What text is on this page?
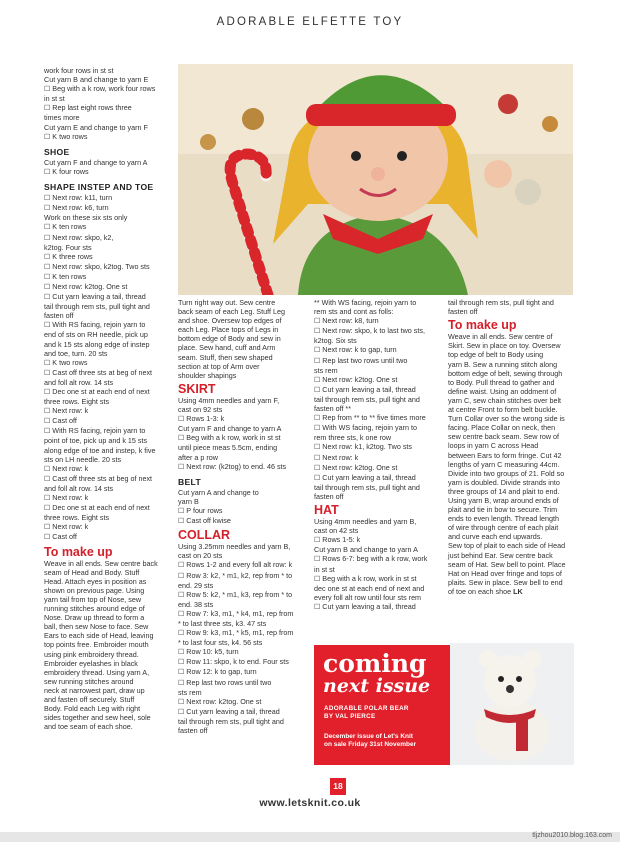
ADORABLE ELFETTE TOY
work four rows in st st
Cut yarn B and change to yarn E
☐ Beg with a k row, work four rows
in st st
☐ Rep last eight rows three
times more
Cut yarn E and change to yarn F
☐ K two rows
SHOE
Cut yarn F and change to yarn A
☐ K four rows
SHAPE INSTEP AND TOE
☐ Next row: k11, turn
☐ Next row: k6, turn
Work on these six sts only
☐ K ten rows
☐ Next row: skpo, k2,
k2tog. Four sts
☐ K three rows
☐ Next row: skpo, k2tog. Two sts
☐ K ten rows
☐ Next row: k2tog. One st
☐ Cut yarn leaving a tail, thread
tail through rem sts, pull tight and
fasten off
☐ With RS facing, rejoin yarn to
end of sts on RH needle, pick up
and k 15 sts along edge of instep
and toe, turn. 20 sts
☐ K two rows
☐ Cast off three sts at beg of next
and foll alt row. 14 sts
☐ Dec one st at each end of next
three rows. Eight sts
☐ Next row: k
☐ Cast off
☐ With RS facing, rejoin yarn to
point of toe, pick up and k 15 sts
along edge of toe and instep, k five
sts on LH needle. 20 sts
☐ Next row: k
☐ Cast off three sts at beg of next
and foll alt row. 14 sts
☐ Next row: k
☐ Dec one st at each end of next
three rows. Eight sts
☐ Next row: k
☐ Cast off
To make up
Weave in all ends. Sew centre back
seam of Head and Body. Stuff
Head. Attach eyes in position as
shown on previous page. Using
yarn tail from top of Nose, sew
running stitches around edge of
Nose. Draw up thread to form a
ball, then sew Nose to face. Sew
Ears to each side of Head, leaving
top points free. Embroider mouth
using pink embroidery thread.
Embroider eyelashes in black
embroidery thread. Using yarn A,
sew running stitches around
neck at narrowest part, draw up
and fasten off securely. Stuff
Body. Fold each Leg with right
sides together and sew heel, sole
and toe seam of each shoe.
Turn right way out. Sew centre
back seam of each Leg. Stuff Leg
and shoe. Oversew top edges of
each Leg. Place tops of Legs in
bottom edge of Body and sew in
place. Sew hand, cuff and Arm
seam. Stuff, then sew shaped
section at top of Arm over
shoulder shapings
SKIRT
Using 4mm needles and yarn F,
cast on 92 sts
☐ Rows 1-3: k
Cut yarn F and change to yarn A
☐ Beg with a k row, work in st st
until piece meas 5.5cm, ending
after a p row
☐ Next row: (k2tog) to end. 46 sts
BELT
Cut yarn A and change to
yarn B
☐ P four rows
☐ Cast off kwise
COLLAR
Using 3.25mm needles and yarn B,
cast on 20 sts
☐ Rows 1-2 and every foll alt row: k
☐ Row 3: k2, * m1, k2, rep from * to
end. 29 sts
☐ Row 5: k2, * m1, k3, rep from * to
end. 38 sts
☐ Row 7: k3, m1, * k4, m1, rep from
* to last three sts, k3. 47 sts
☐ Row 9: k3, m1, * k5, m1, rep from
* to last four sts, k4. 56 sts
☐ Row 10: k5, turn
☐ Row 11: skpo, k to end. Four sts
☐ Row 12: k to gap, turn
☐ Rep last two rows until two
sts rem
☐ Next row: k2tog. One st
☐ Cut yarn leaving a tail, thread
tail through rem sts, pull tight and
fasten off
** With WS facing, rejoin yarn to
rem sts and cont as folls:
☐ Next row: k8, turn
☐ Next row: skpo, k to last two sts,
k2tog. Six sts
☐ Next row: k to gap, turn
☐ Rep last two rows until two
sts rem
☐ Next row: k2tog. One st
☐ Cut yarn leaving a tail, thread
tail through rem sts, pull tight and
fasten off **
☐ Rep from ** to ** five times more
☐ With WS facing, rejoin yarn to
rem three sts, k one row
☐ Next row: k1, k2tog. Two sts
☐ Next row: k
☐ Next row: k2tog. One st
☐ Cut yarn leaving a tail, thread
tail through rem sts, pull tight and
fasten off
HAT
Using 4mm needles and yarn B,
cast on 42 sts
☐ Rows 1-5: k
Cut yarn B and change to yarn A
☐ Rows 6-7: beg with a k row, work
in st st
☐ Beg with a k row, work in st st
dec one st at each end of next and
every foll alt row until four sts rem
☐ Cut yarn leaving a tail, thread
tail through rem sts, pull tight and
fasten off
To make up
Weave in all ends. Sew centre of
Skirt. Sew in place on toy. Oversew
top edge of belt to Body using
yarn B. Sew a running stitch along
bottom edge of belt, sewing through
to Body. Pull thread to gather and
define waist. Using an oddment of
yarn C, sew chain stitches over belt
at centre Front to form belt buckle.
Turn Collar over so the wrong side is
facing. Place Collar on neck, then
sew centre back seam. Sew row of
loops in yarn C across Head
between Ears to form fringe. Cut 42
lengths of yarn C measuring 44cm.
Divide into two groups of 21. Fold so
yarn is doubled. Divide strands into
three groups of 14 and plait to end.
Using yarn B, wrap around ends of
plait and tie in bow to secure. Trim
ends to even length. Thread length
of wire through centre of each plait
and curve each end upwards.
Sew top of plait to each side of Head
just behind Ear. Sew centre back
seam of Hat. Sew bell to point. Place
Hat on Head over fringe and tops of
plaits. Sew in place. Sew bell to end
of toe on each shoe LK
coming
next issue
ADORABLE POLAR BEAR
BY VAL PIERCE
December issue of Let's Knit
on sale Friday 31st November
18
www.letsknit.co.uk
tljzhou2010.blog.163.com
